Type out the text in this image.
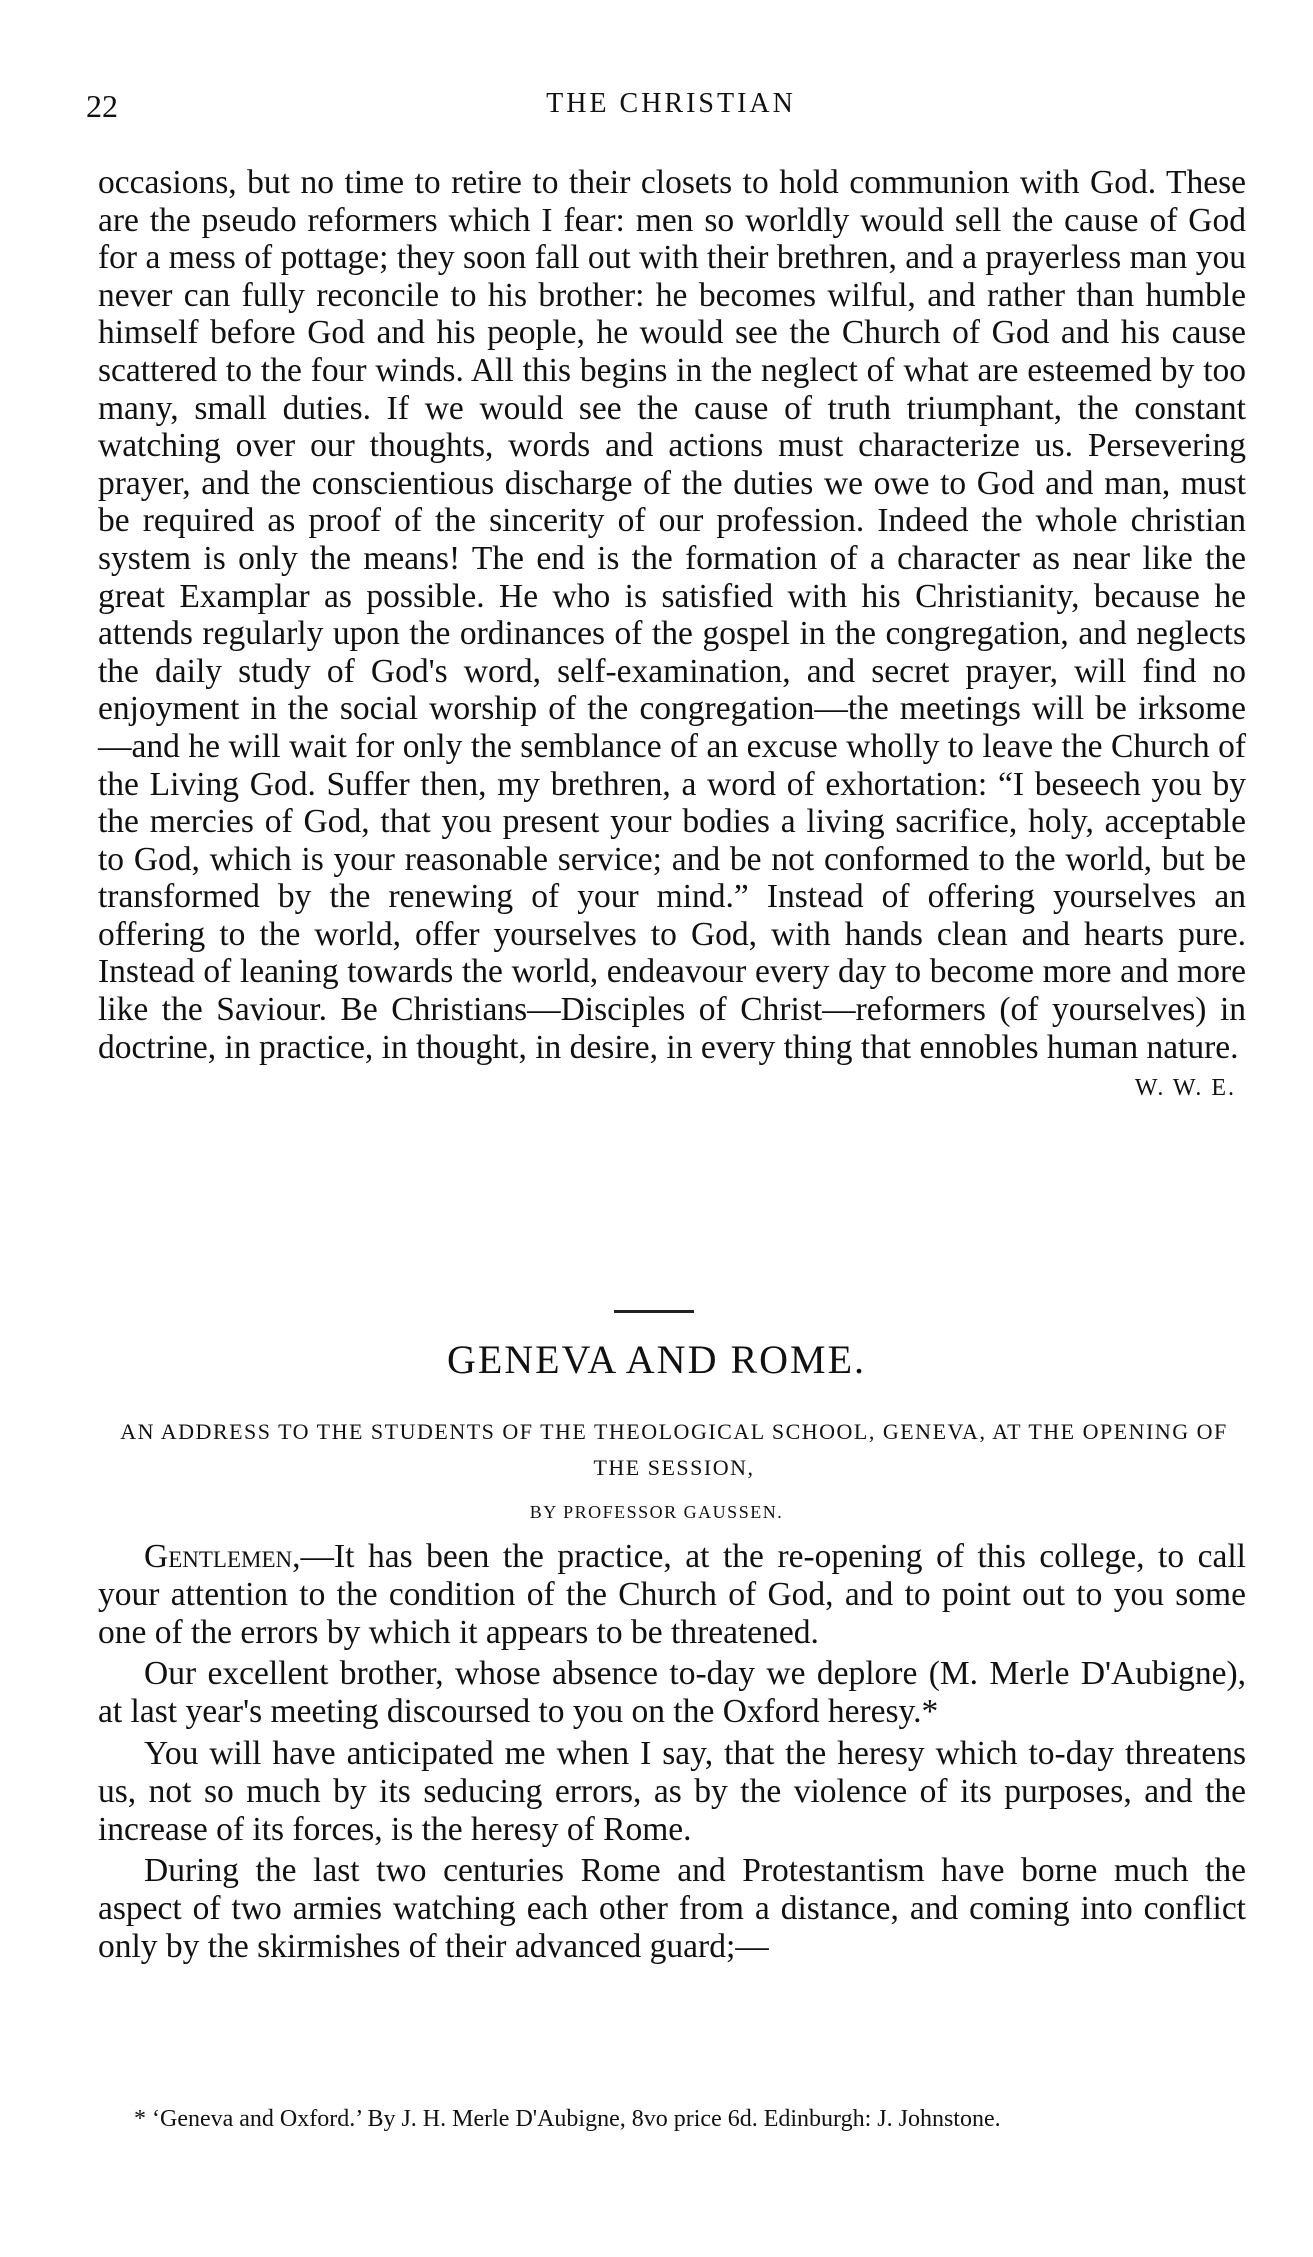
22	THE CHRISTIAN
occasions, but no time to retire to their closets to hold communion with God. These are the pseudo reformers which I fear: men so worldly would sell the cause of God for a mess of pottage; they soon fall out with their brethren, and a prayerless man you never can fully reconcile to his brother: he becomes wilful, and rather than humble himself before God and his people, he would see the Church of God and his cause scattered to the four winds. All this begins in the neglect of what are esteemed by too many, small duties. If we would see the cause of truth triumphant, the constant watching over our thoughts, words and actions must characterize us. Persevering prayer, and the conscientious discharge of the duties we owe to God and man, must be required as proof of the sincerity of our profession. Indeed the whole christian system is only the means! The end is the formation of a character as near like the great Examplar as possible. He who is satisfied with his Christianity, because he attends regularly upon the ordinances of the gospel in the congregation, and neglects the daily study of God's word, self-examination, and secret prayer, will find no enjoyment in the social worship of the congregation—the meetings will be irksome—and he will wait for only the semblance of an excuse wholly to leave the Church of the Living God. Suffer then, my brethren, a word of exhortation: “I beseech you by the mercies of God, that you present your bodies a living sacrifice, holy, acceptable to God, which is your reasonable service; and be not conformed to the world, but be transformed by the renewing of your mind.” Instead of offering yourselves an offering to the world, offer yourselves to God, with hands clean and hearts pure. Instead of leaning towards the world, endeavour every day to become more and more like the Saviour. Be Christians—Disciples of Christ—reformers (of yourselves) in doctrine, in practice, in thought, in desire, in every thing that ennobles human nature.
W. W. E.
GENEVA AND ROME.
AN ADDRESS TO THE STUDENTS OF THE THEOLOGICAL SCHOOL, GENEVA, AT THE OPENING OF THE SESSION,
BY PROFESSOR GAUSSEN.

Gentlemen,—It has been the practice, at the re-opening of this college, to call your attention to the condition of the Church of God, and to point out to you some one of the errors by which it appears to be threatened.

Our excellent brother, whose absence to-day we deplore (M. Merle D'Aubigne), at last year's meeting discoursed to you on the Oxford heresy.*

You will have anticipated me when I say, that the heresy which to-day threatens us, not so much by its seducing errors, as by the violence of its purposes, and the increase of its forces, is the heresy of Rome.

During the last two centuries Rome and Protestantism have borne much the aspect of two armies watching each other from a distance, and coming into conflict only by the skirmishes of their advanced guard;—

* ‘Geneva and Oxford.’ By J. H. Merle D'Aubigne, 8vo price 6d. Edinburgh: J. Johnstone.
